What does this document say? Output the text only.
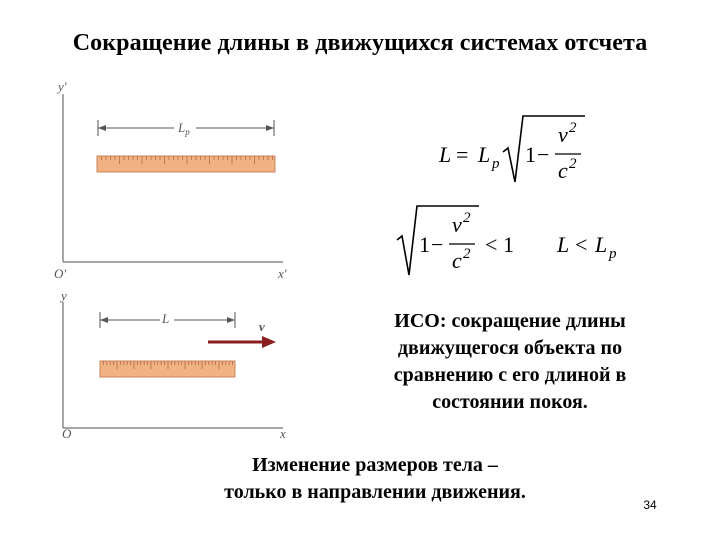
Сокращение длины в движущихся системах отсчета
y′
x′
O′
$L_p$
y
x
O
L
v
L = L p 1 −
v 2
c 2
1 −
v 2
c 2 < 1 L < L p
ИСО: сокращение длины
движущегося объекта по
сравнению с его длиной в
состоянии покоя.
Изменение размеров тела –
только в направлении движения.
34
